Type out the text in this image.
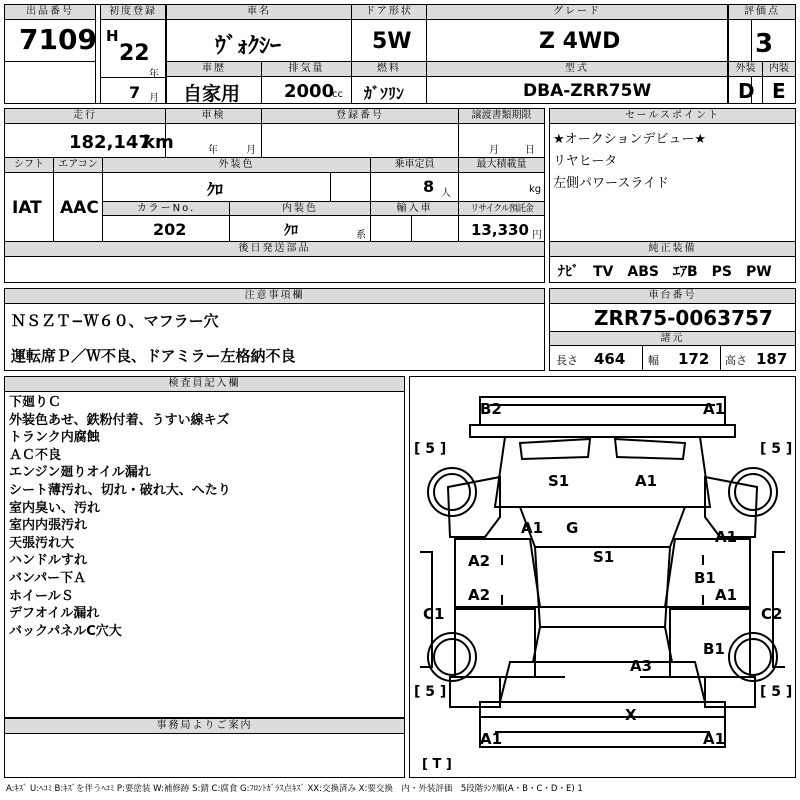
出品番号
7109
初度登録
H
22
年
7 月
車名
ｳﾞｫｸｼｰ
ドア形状
5W
グレード
Z 4WD
評価点
3
車歴
自家用
排気量
2000
cc
燃料
ｶﾞｿﾘﾝ
型式
DBA-ZRR75W
外装
D
内装
E
走行
182,147
km
車検
年	月
登録番号	譲渡書類期限
月	日
シフト
IAT
エアコン
AAC
外装色
ｸﾛ
乗車定員
8 人
最大積載量
kg
カラーNo.
202
内装色
ｸﾛ	系
輸入車	リサイクル預託金
13,330 円
後日発送部品
セールスポイント
★オークションデビュー★
リヤヒータ
左側パワースライド
純正装備
ﾅﾋﾞ　TV　ABS　ｴｱB　PS　PW
注意事項欄
ＮＳＺＴ−Ｗ６０、マフラー穴
運転席Ｐ／Ｗ不良、ドアミラー左格納不良
車台番号
ZRR75-0063757
諸元
長さ 464 幅 172 高さ 187
検査員記入欄
下廻りＣ
外装色あせ、鉄粉付着、うすい線キズ
トランク内腐蝕
ＡＣ不良
エンジン廻りオイル漏れ
シート薄汚れ、切れ・破れ大、へたり
室内臭い、汚れ
室内内張汚れ
天張汚れ大
ハンドルすれ
バンパー下Ａ
ホイールＳ
デフオイル漏れ
バックパネルC穴大
事務局よりご案内
[ 5 ]	[ 5 ]
[ 5 ]	[ 5 ]
[ T ]
B2	A1
S1	A1
A1 G
S1
A2
A2
C1
A1
B1
A1
C2
B1
A3
X
A1	A1
A:ｷｽﾞ U:ﾍｺﾐ B:ｷｽﾞを伴うﾍｺﾐ P:要塗装 W:補修跡 S:錆 C:腐食 G:ﾌﾛﾝﾄｶﾞﾗｽ点ｷｽﾞ XX:交換済み X:要交換　内・外装評価　5段階ﾗﾝｸ順(A・B・C・D・E) 1
